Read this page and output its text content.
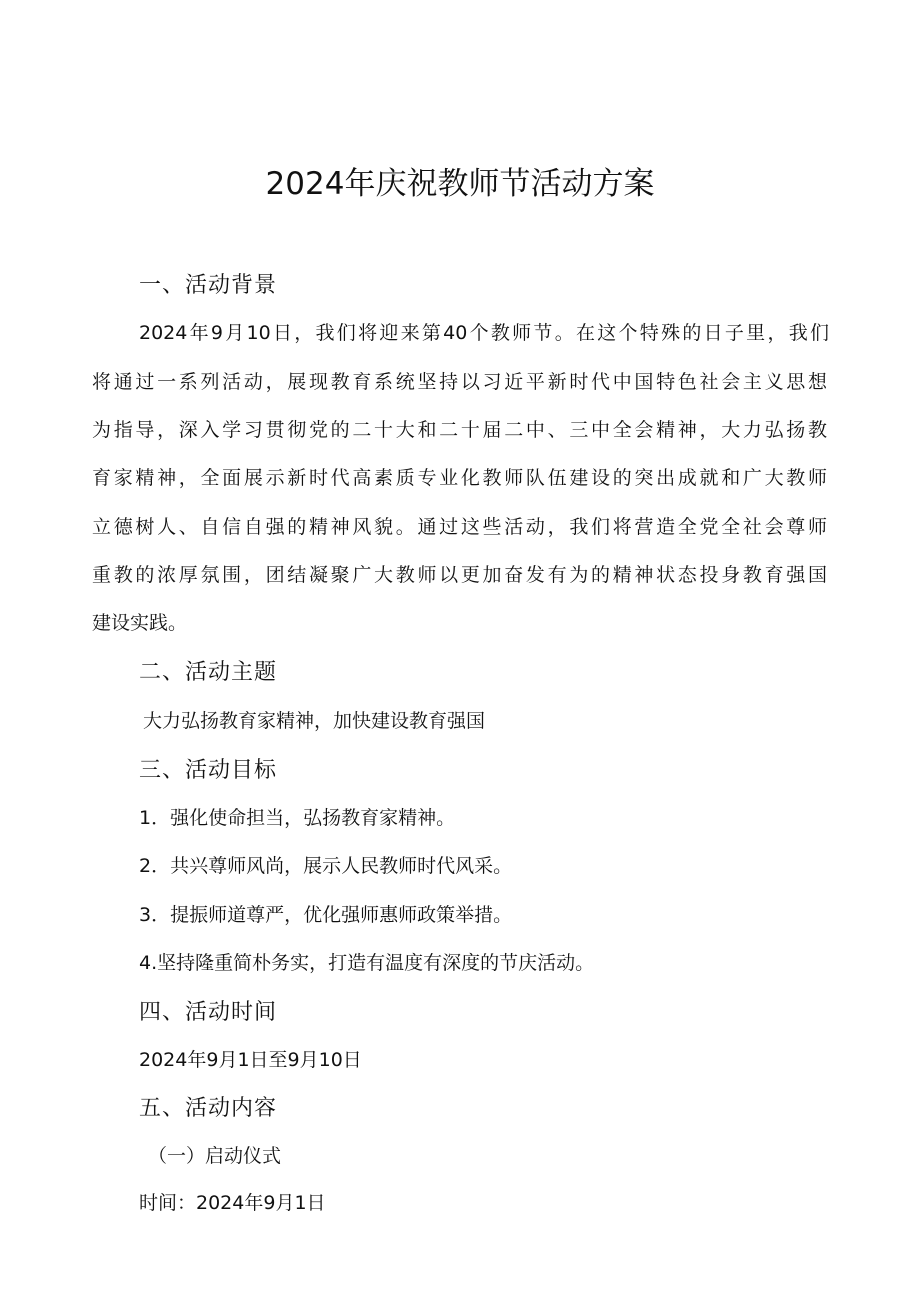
2024年庆祝教师节活动方案
一、活动背景
2024年9月10日，我们将迎来第40个教师节。在这个特殊的日子里，我们
将通过一系列活动，展现教育系统坚持以习近平新时代中国特色社会主义思想
为指导，深入学习贯彻党的二十大和二十届二中、三中全会精神，大力弘扬教
育家精神，全面展示新时代高素质专业化教师队伍建设的突出成就和广大教师
立德树人、自信自强的精神风貌。通过这些活动，我们将营造全党全社会尊师
重教的浓厚氛围，团结凝聚广大教师以更加奋发有为的精神状态投身教育强国
建设实践。
二、活动主题
大力弘扬教育家精神，加快建设教育强国
三、活动目标
1．强化使命担当，弘扬教育家精神。
2．共兴尊师风尚，展示人民教师时代风采。
3．提振师道尊严，优化强师惠师政策举措。
4.坚持隆重简朴务实，打造有温度有深度的节庆活动。
四、活动时间
2024年9月1日至9月10日
五、活动内容
（一）启动仪式
时间：2024年9月1日
